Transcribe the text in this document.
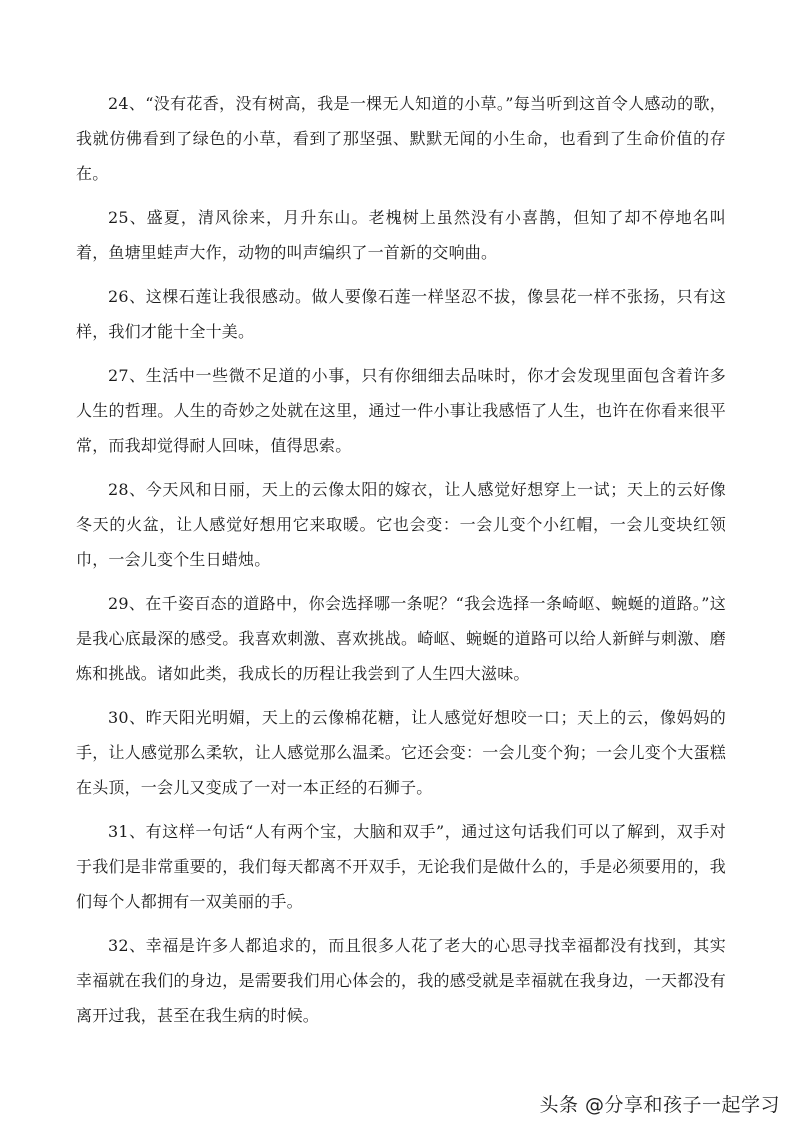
24、“没有花香，没有树高，我是一棵无人知道的小草。”每当听到这首令人感动的歌，我就仿佛看到了绿色的小草，看到了那坚强、默默无闻的小生命，也看到了生命价值的存在。

25、盛夏，清风徐来，月升东山。老槐树上虽然没有小喜鹊，但知了却不停地名叫着，鱼塘里蛙声大作，动物的叫声编织了一首新的交响曲。

26、这棵石莲让我很感动。做人要像石莲一样坚忍不拔，像昙花一样不张扬，只有这样，我们才能十全十美。

27、生活中一些微不足道的小事，只有你细细去品味时，你才会发现里面包含着许多人生的哲理。人生的奇妙之处就在这里，通过一件小事让我感悟了人生，也许在你看来很平常，而我却觉得耐人回味，值得思索。

28、今天风和日丽，天上的云像太阳的嫁衣，让人感觉好想穿上一试；天上的云好像冬天的火盆，让人感觉好想用它来取暖。它也会变：一会儿变个小红帽，一会儿变块红领巾，一会儿变个生日蜡烛。

29、在千姿百态的道路中，你会选择哪一条呢？“我会选择一条崎岖、蜿蜒的道路。”这是我心底最深的感受。我喜欢刺激、喜欢挑战。崎岖、蜿蜒的道路可以给人新鲜与刺激、磨炼和挑战。诸如此类，我成长的历程让我尝到了人生四大滋味。

30、昨天阳光明媚，天上的云像棉花糖，让人感觉好想咬一口；天上的云，像妈妈的手，让人感觉那么柔软，让人感觉那么温柔。它还会变：一会儿变个狗；一会儿变个大蛋糕在头顶，一会儿又变成了一对一本正经的石狮子。

31、有这样一句话“人有两个宝，大脑和双手”，通过这句话我们可以了解到，双手对于我们是非常重要的，我们每天都离不开双手，无论我们是做什么的，手是必须要用的，我们每个人都拥有一双美丽的手。

32、幸福是许多人都追求的，而且很多人花了老大的心思寻找幸福都没有找到，其实幸福就在我们的身边，是需要我们用心体会的，我的感受就是幸福就在我身边，一天都没有离开过我，甚至在我生病的时候。

头条 @分享和孩子一起学习
